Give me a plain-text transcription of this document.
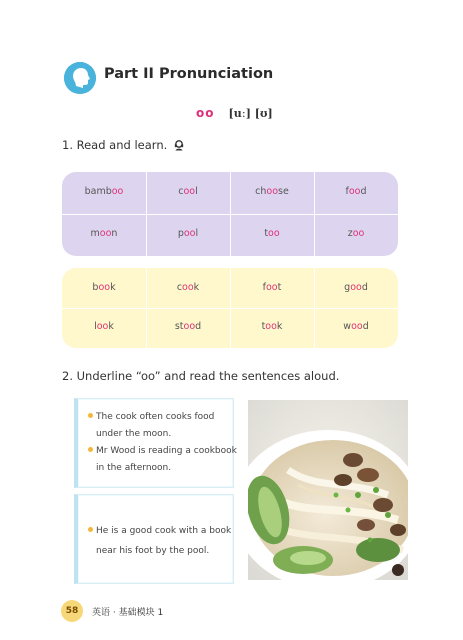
Part II Pronunciation
oo [uː] [ʊ]
1. Read and learn.
bamboo	cool	choose	food
moon	pool	too	zoo
book	cook	foot	good
look	stood	took	wood
2. Underline “oo” and read the sentences aloud.
The cook often cooks food
under the moon.
Mr Wood is reading a cookbook
in the afternoon.
He is a good cook with a book
near his foot by the pool.
58	英语 · 基础模块 1
